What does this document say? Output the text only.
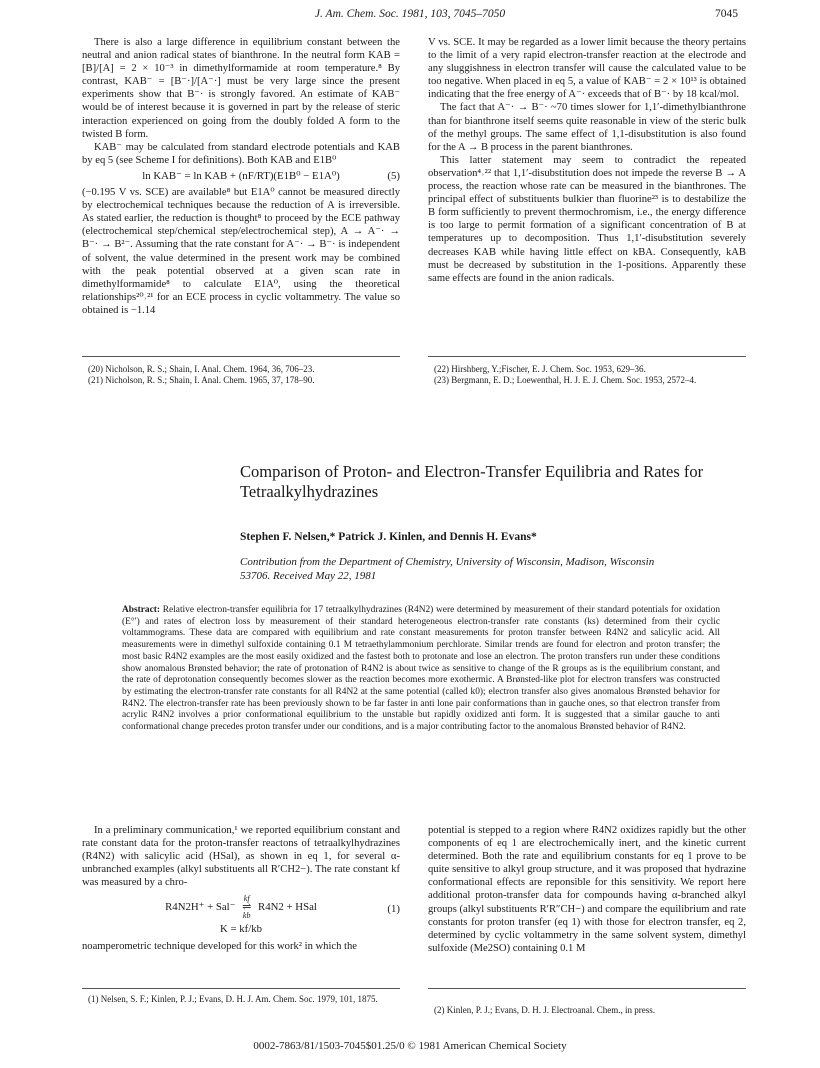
J. Am. Chem. Soc. 1981, 103, 7045–7050	7045

There is also a large difference in equilibrium constant between the neutral and anion radical states of bianthrone. In the neutral form KAB = [B]/[A] = 2 × 10⁻³ in dimethylformamide at room temperature.⁸ By contrast, KAB⁻ = [B⁻·]/[A⁻·] must be very large since the present experiments show that B⁻· is strongly favored. An estimate of KAB⁻ would be of interest because it is governed in part by the release of steric interaction experienced on going from the doubly folded A form to the twisted B form.

KAB⁻ may be calculated from standard electrode potentials and KAB by eq 5 (see Scheme I for definitions). Both KAB and E1B⁰

ln KAB⁻ = ln KAB + (nF/RT)(E1B⁰ − E1A⁰)	(5)

(−0.195 V vs. SCE) are available⁸ but E1A⁰ cannot be measured directly by electrochemical techniques because the reduction of A is irreversible. As stated earlier, the reduction is thought⁸ to proceed by the ECE pathway (electrochemical step/chemical step/electrochemical step), A → A⁻· → B⁻· → B²⁻. Assuming that the rate constant for A⁻· → B⁻· is independent of solvent, the value determined in the present work may be combined with the peak potential observed at a given scan rate in dimethylformamide⁸ to calculate E1A⁰, using the theoretical relationships²⁰˒²¹ for an ECE process in cyclic voltammetry. The value so obtained is −1.14

V vs. SCE. It may be regarded as a lower limit because the theory pertains to the limit of a very rapid electron-transfer reaction at the electrode and any sluggishness in electron transfer will cause the calculated value to be too negative. When placed in eq 5, a value of KAB⁻ = 2 × 10¹³ is obtained indicating that the free energy of A⁻· exceeds that of B⁻· by 18 kcal/mol.

The fact that A⁻· → B⁻· ~70 times slower for 1,1′-dimethylbianthrone than for bianthrone itself seems quite reasonable in view of the steric bulk of the methyl groups. The same effect of 1,1-disubstitution is also found for the A → B process in the parent bianthrones.

This latter statement may seem to contradict the repeated observation⁴˒²² that 1,1′-disubstitution does not impede the reverse B → A process, the reaction whose rate can be measured in the bianthrones. The principal effect of substituents bulkier than fluorine²³ is to destabilize the B form sufficiently to prevent thermochromism, i.e., the energy difference is too large to permit formation of a significant concentration of B at temperatures up to decomposition. Thus 1,1′-disubstitution severely decreases KAB while having little effect on kBA. Consequently, kAB must be decreased by substitution in the 1-positions. Apparently these same effects are found in the anion radicals.

(20) Nicholson, R. S.; Shain, I. Anal. Chem. 1964, 36, 706–23.
(21) Nicholson, R. S.; Shain, I. Anal. Chem. 1965, 37, 178–90.
(22) Hirshberg, Y.;Fischer, E. J. Chem. Soc. 1953, 629–36.
(23) Bergmann, E. D.; Loewenthal, H. J. E. J. Chem. Soc. 1953, 2572–4.
Comparison of Proton- and Electron-Transfer Equilibria and Rates for Tetraalkylhydrazines
Stephen F. Nelsen,* Patrick J. Kinlen, and Dennis H. Evans*
Contribution from the Department of Chemistry, University of Wisconsin, Madison, Wisconsin 53706. Received May 22, 1981
Abstract: Relative electron-transfer equilibria for 17 tetraalkylhydrazines (R4N2) were determined by measurement of their standard potentials for oxidation (E°′) and rates of electron loss by measurement of their standard heterogeneous electron-transfer rate constants (ks) determined from their cyclic voltammograms. These data are compared with equilibrium and rate constant measurements for proton transfer between R4N2 and salicylic acid. All measurements were in dimethyl sulfoxide containing 0.1 M tetraethylammonium perchlorate. Similar trends are found for electron and proton transfer; the most basic R4N2 examples are the most easily oxidized and the fastest both to protonate and lose an electron. The proton transfers run under these conditions show anomalous Brønsted behavior; the rate of protonation of R4N2 is about twice as sensitive to change of the R groups as is the equilibrium constant, and the rate of deprotonation consequently becomes slower as the reaction becomes more exothermic. A Brønsted-like plot for electron transfers was constructed by estimating the electron-transfer rate constants for all R4N2 at the same potential (called k0); electron transfer also gives anomalous Brønsted behavior for R4N2. The electron-transfer rate has been previously shown to be far faster in anti lone pair conformations than in gauche ones, so that electron transfer from acrylic R4N2 involves a prior conformational equilibrium to the unstable but rapidly oxidized anti form. It is suggested that a similar gauche to anti conformational change precedes proton transfer under our conditions, and is a major contributing factor to the anomalous Brønsted behavior of R4N2.

In a preliminary communication,¹ we reported equilibrium constant and rate constant data for the proton-transfer reactons of tetraalkylhydrazines (R4N2) with salicylic acid (HSal), as shown in eq 1, for several α-unbranched examples (alkyl substituents all R′CH2−). The rate constant kf was measured by a chro-

R4N2H⁺ + Sal⁻
kf
⇌
kb
R4N2 + HSal	(1)
K = kf/kb

noamperometric technique developed for this work² in which the

potential is stepped to a region where R4N2 oxidizes rapidly but the other components of eq 1 are electrochemically inert, and the kinetic current determined. Both the rate and equilibrium constants for eq 1 prove to be quite sensitive to alkyl group structure, and it was proposed that hydrazine conformational effects are reponsible for this sensitivity. We report here additional proton-transfer data for compounds having α-branched alkyl groups (alkyl substituents R′R″CH−) and compare the equilibrium and rate constants for proton transfer (eq 1) with those for electron transfer, eq 2, determined by cyclic voltammetry in the same solvent system, dimethyl sulfoxide (Me2SO) containing 0.1 M

(1) Nelsen, S. F.; Kinlen, P. J.; Evans, D. H. J. Am. Chem. Soc. 1979, 101, 1875.
(2) Kinlen, P. J.; Evans, D. H. J. Electroanal. Chem., in press.
0002-7863/81/1503-7045$01.25/0 © 1981 American Chemical Society
